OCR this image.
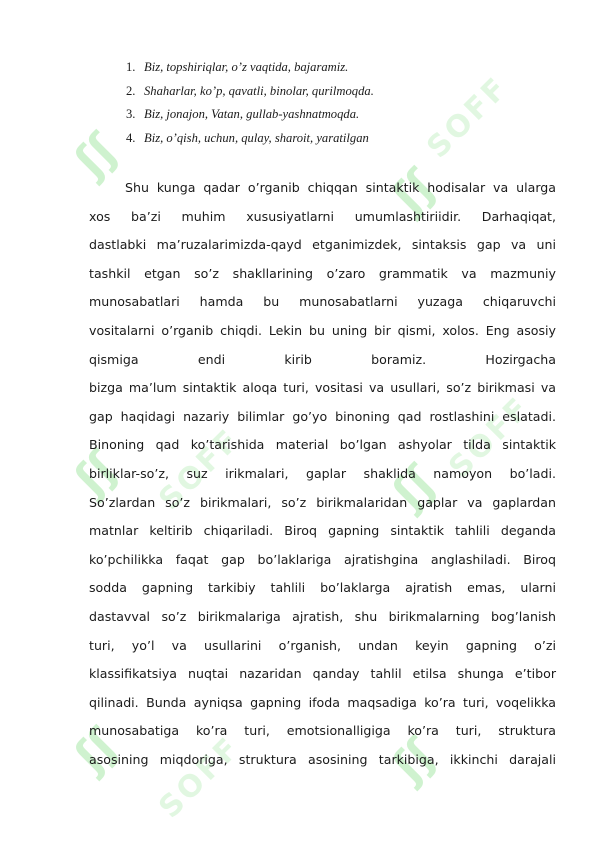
ʃʃ	SOFF
ʃʃ
ʃʃ SOFF	ʃʃ
SOFF
ʃʃ SOFF	ʃʃ
1. Biz, topshiriqlar, o’z vaqtida, bajaramiz.
2. Shaharlar, ko’p, qavatli, binolar, qurilmoqda.
3. Biz, jonajon, Vatan, gullab-yashnatmoqda.
4. Biz, o’qish, uchun, qulay, sharoit, yaratilgan

Shu kunga qadar o’rganib chiqqan sintaktik hodisalar va ularga
xos ba’zi muhim xususiyatlarni umumlashtiriidir. Darhaqiqat,
dastlabki ma’ruzalarimizda-qayd etganimizdek, sintaksis gap va uni
tashkil etgan so’z shakllarining o’zaro grammatik va mazmuniy
munosabatlari hamda bu munosabatlarni yuzaga chiqaruvchi
vositalarni o’rganib chiqdi. Lekin bu uning bir qismi, xolos. Eng asosiy
qismiga endi kirib boramiz. Hozirgacha
bizga ma’lum sintaktik aloqa turi, vositasi va usullari, so’z birikmasi va
gap haqidagi nazariy bilimlar go’yo binoning qad rostlashini eslatadi.
Binoning qad ko’tarishida material bo’lgan ashyolar tilda sintaktik
birliklar-so’z, suz irikmalari, gaplar shaklida namoyon bo’ladi.
So’zlardan so’z birikmalari, so’z birikmalaridan gaplar va gaplardan
matnlar keltirib chiqariladi. Biroq gapning sintaktik tahlili deganda
ko’pchilikka faqat gap bo’laklariga ajratishgina anglashiladi. Biroq
sodda gapning tarkibiy tahlili bo’laklarga ajratish emas, ularni
dastavval so’z birikmalariga ajratish, shu birikmalarning bog’lanish
turi, yo’l va usullarini o’rganish, undan keyin gapning o’zi
klassifikatsiya nuqtai nazaridan qanday tahlil etilsa shunga e’tibor
qilinadi. Bunda ayniqsa gapning ifoda maqsadiga ko’ra turi, voqelikka
munosabatiga ko’ra turi, emotsionalligiga ko’ra turi, struktura
asosining miqdoriga, struktura asosining tarkibiga, ikkinchi darajali
